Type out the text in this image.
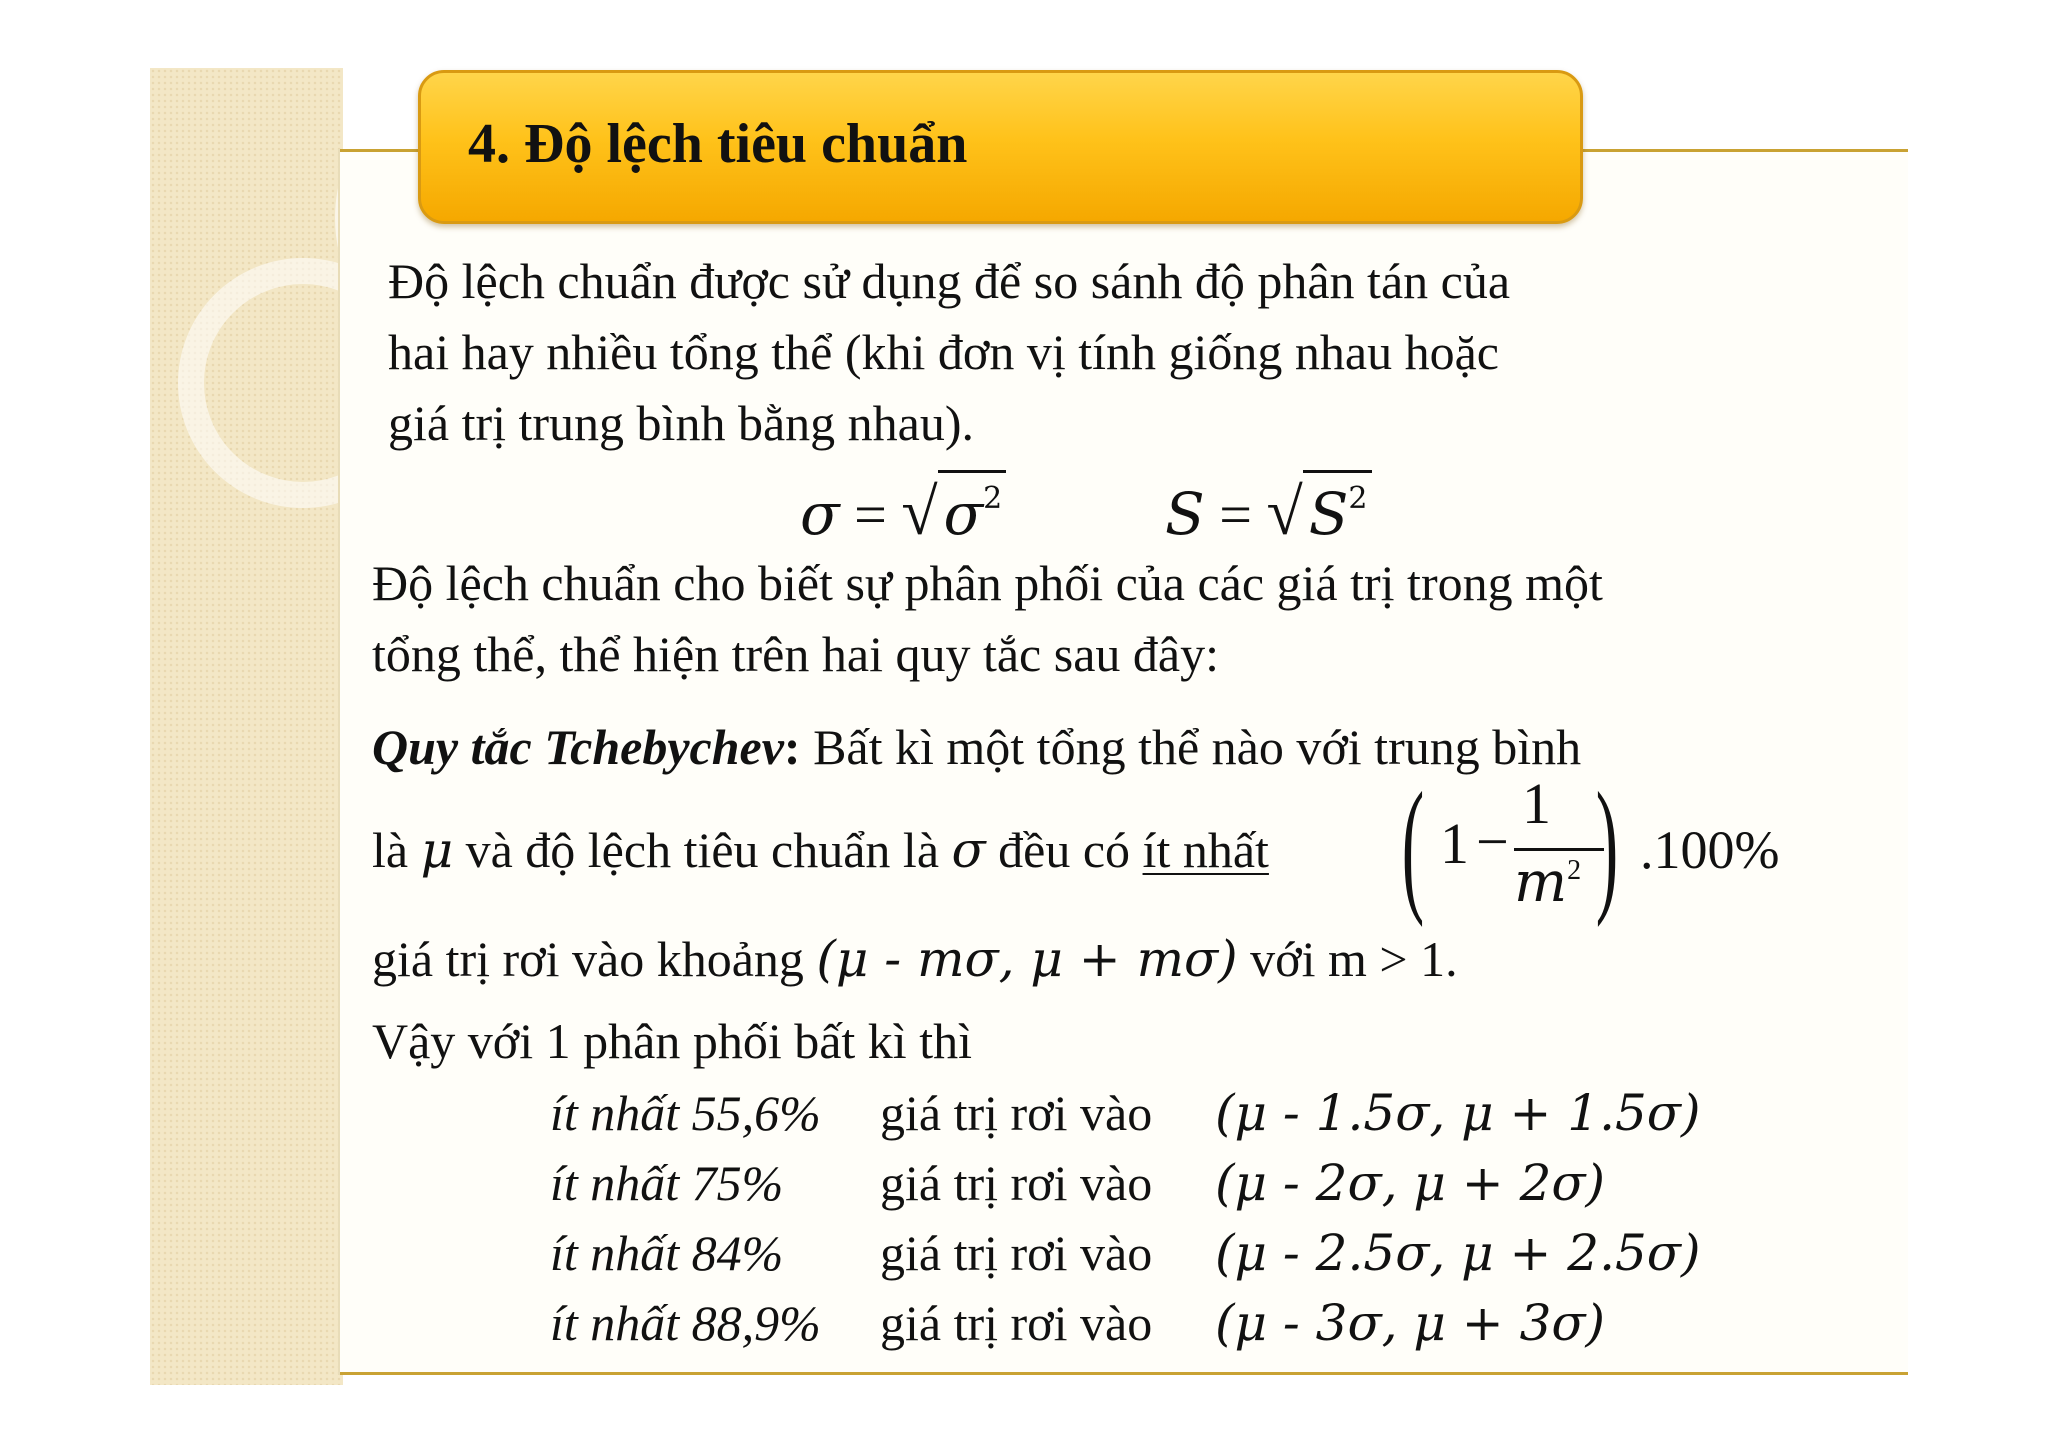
4. Độ lệch tiêu chuẩn
Độ lệch chuẩn được sử dụng để so sánh độ phân tán của
hai hay nhiều tổng thể (khi đơn vị tính giống nhau hoặc
giá trị trung bình bằng nhau).
σ = √ $\sigma^2$	S = √ $S^2$
Độ lệch chuẩn cho biết sự phân phối của các giá trị trong một
tổng thể, thể hiện trên hai quy tắc sau đây:
Quy tắc Tchebychev: Bất kì một tổng thể nào với trung bình
là μ và độ lệch tiêu chuẩn là σ đều có ít nhất ( 1 −
1
$m^2$ ) .100%
giá trị rơi vào khoảng (μ - mσ, μ + mσ) với m > 1.
Vậy với 1 phân phối bất kì thì
ít nhất 55,6% giá trị rơi vào (μ - 1.5σ, μ + 1.5σ)
ít nhất 75% giá trị rơi vào (μ - 2σ, μ + 2σ)
ít nhất 84% giá trị rơi vào (μ - 2.5σ, μ + 2.5σ)
ít nhất 88,9% giá trị rơi vào (μ - 3σ, μ + 3σ)
